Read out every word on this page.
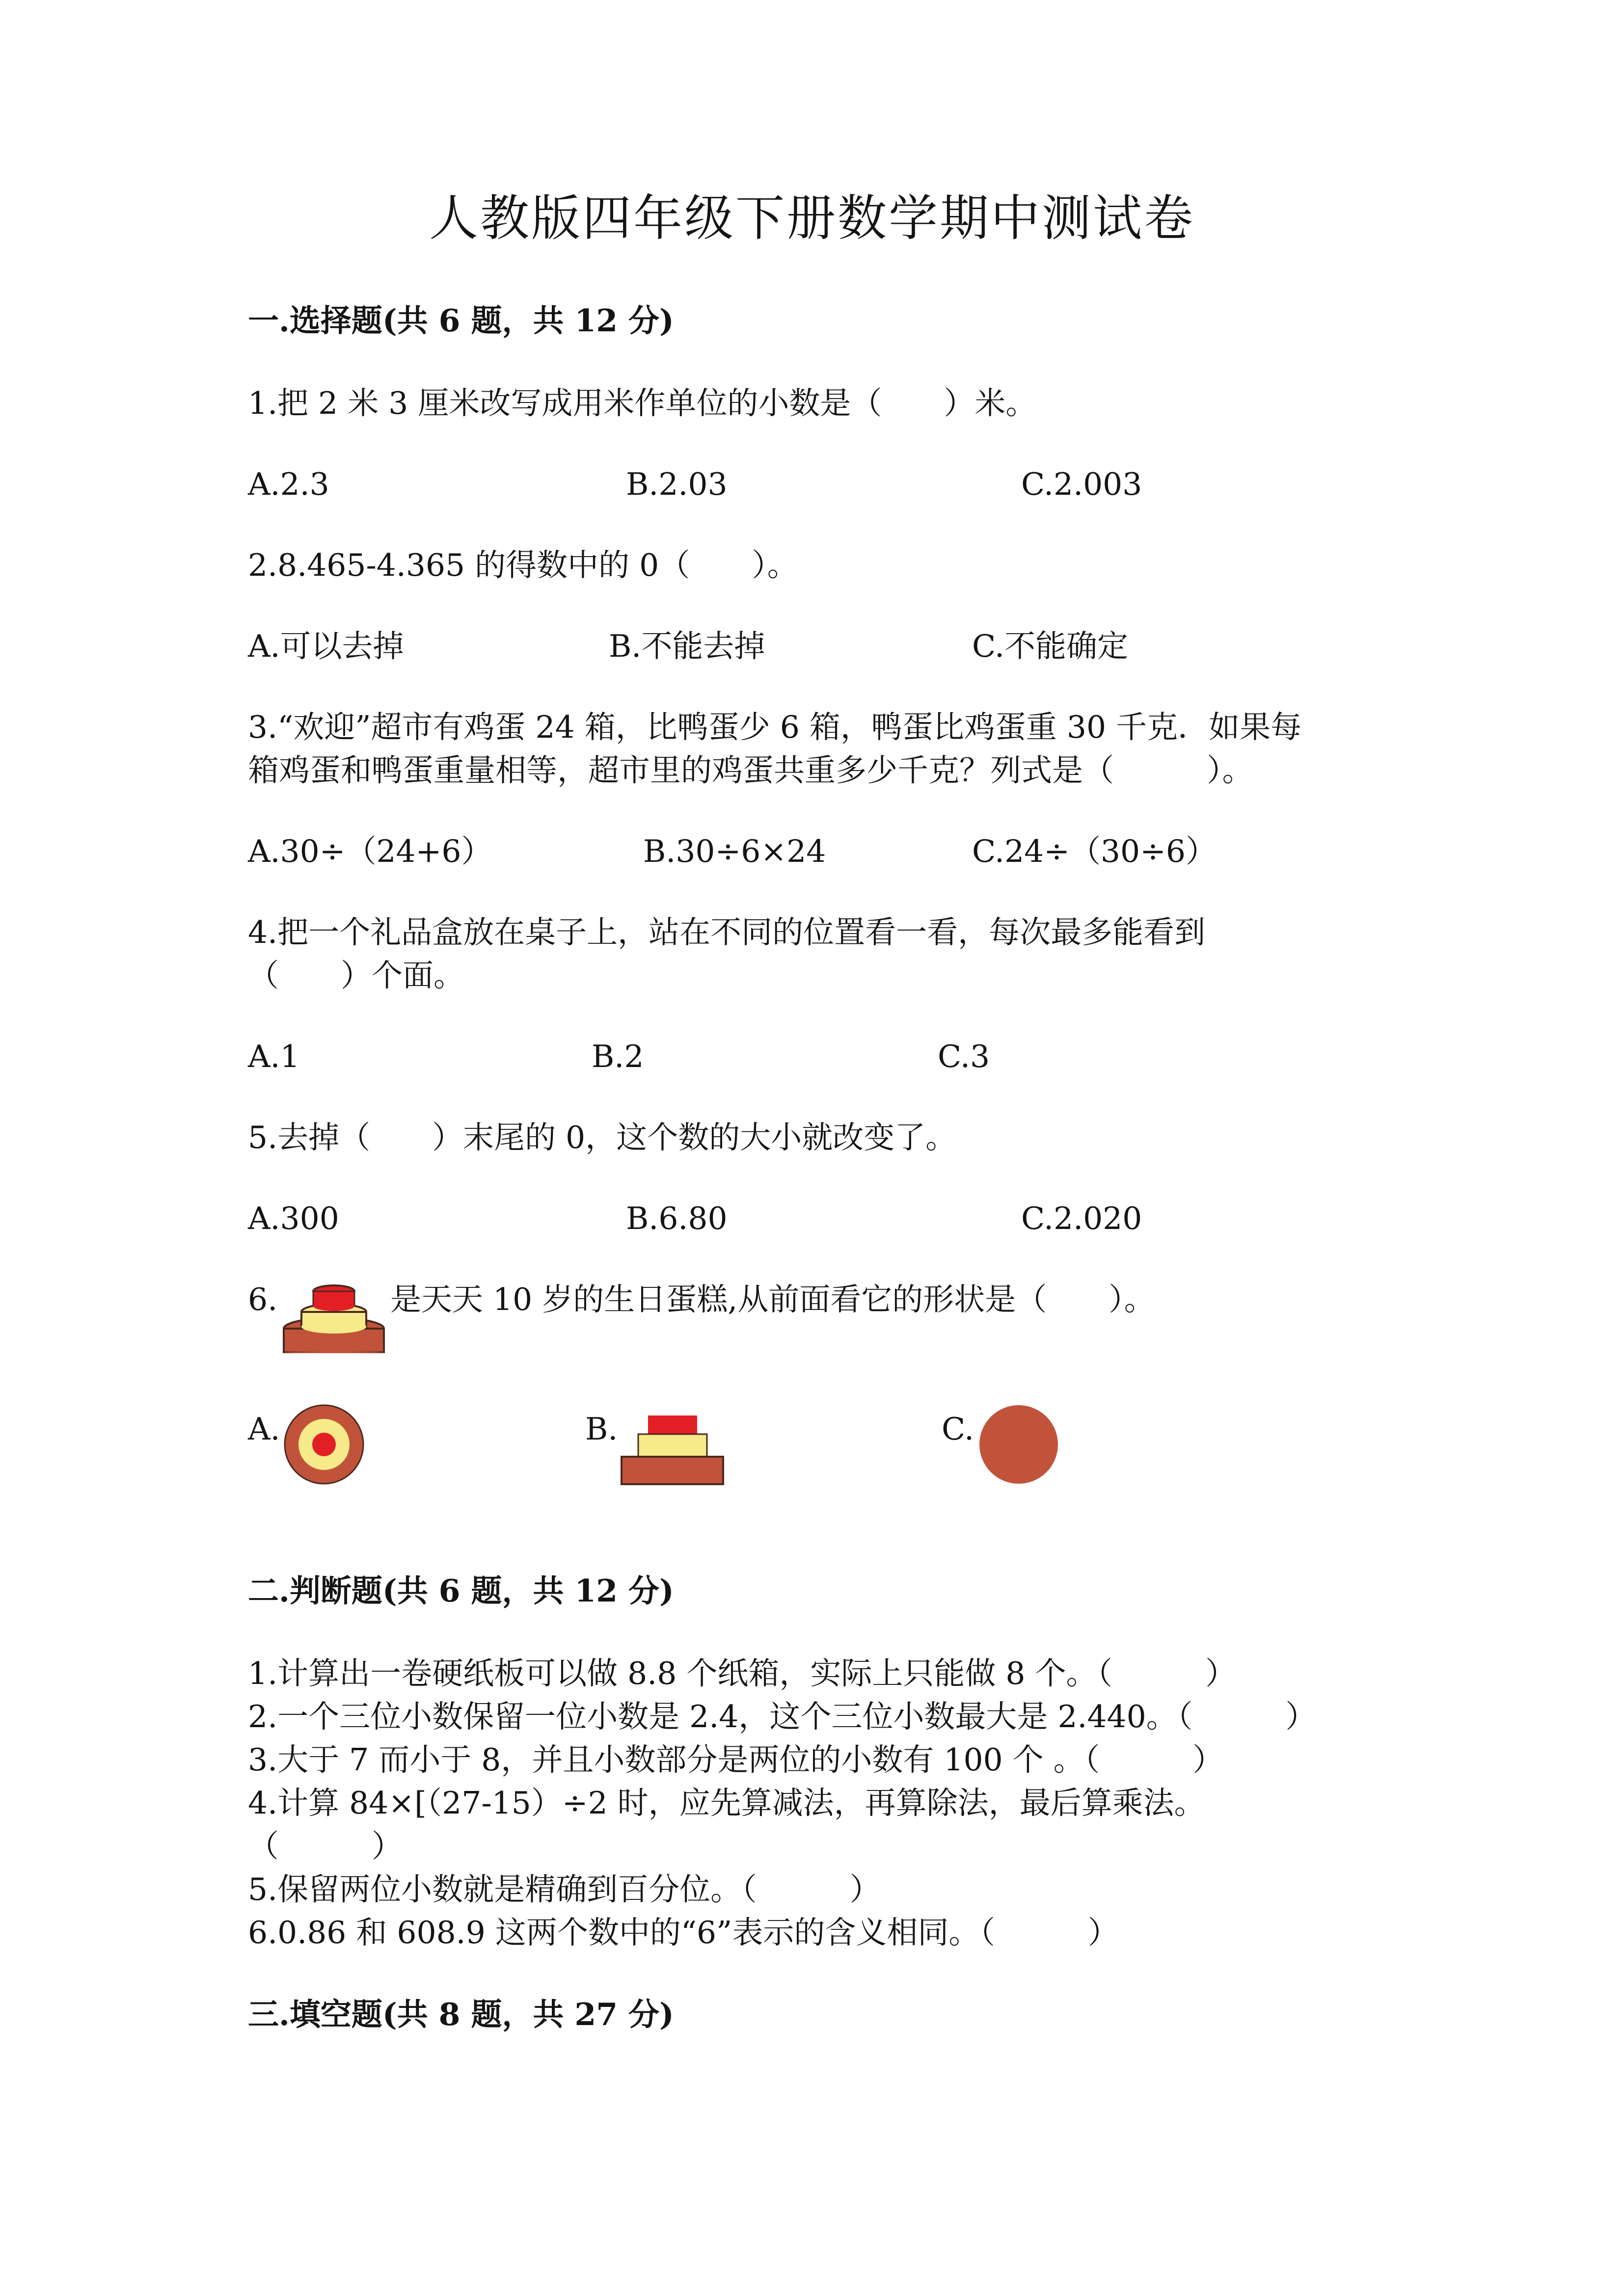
人教版四年级下册数学期中测试卷
一.选择题(共 6 题，共 12 分)
1.把 2 米 3 厘米改写成用米作单位的小数是（　　）米。
A.2.3	B.2.03	C.2.003
2.8.465-4.365 的得数中的 0（　　）。
A.可以去掉	B.不能去掉	C.不能确定
3.“欢迎”超市有鸡蛋 24 箱，比鸭蛋少 6 箱，鸭蛋比鸡蛋重 30 千克．如果每
箱鸡蛋和鸭蛋重量相等，超市里的鸡蛋共重多少千克？列式是（　　　）。
A.30÷（24+6）	B.30÷6×24	C.24÷（30÷6）
4.把一个礼品盒放在桌子上，站在不同的位置看一看，每次最多能看到
（　　）个面。
A.1	B.2	C.3
5.去掉（　　）末尾的 0，这个数的大小就改变了。
A.300	B.6.80	C.2.020
6.	是天天 10 岁的生日蛋糕,从前面看它的形状是（　　）。
A.	B.	C.
二.判断题(共 6 题，共 12 分)
1.计算出一卷硬纸板可以做 8.8 个纸箱，实际上只能做 8 个。（　　　）
2.一个三位小数保留一位小数是 2.4，这个三位小数最大是 2.440。（　　　）
3.大于 7 而小于 8，并且小数部分是两位的小数有 100 个 。（　　　）
4.计算 84×[（27-15）÷2 时，应先算减法，再算除法，最后算乘法。
（　　　）
5.保留两位小数就是精确到百分位。（　　　）
6.0.86 和 608.9 这两个数中的“6”表示的含义相同。（　　　）
三.填空题(共 8 题，共 27 分)
